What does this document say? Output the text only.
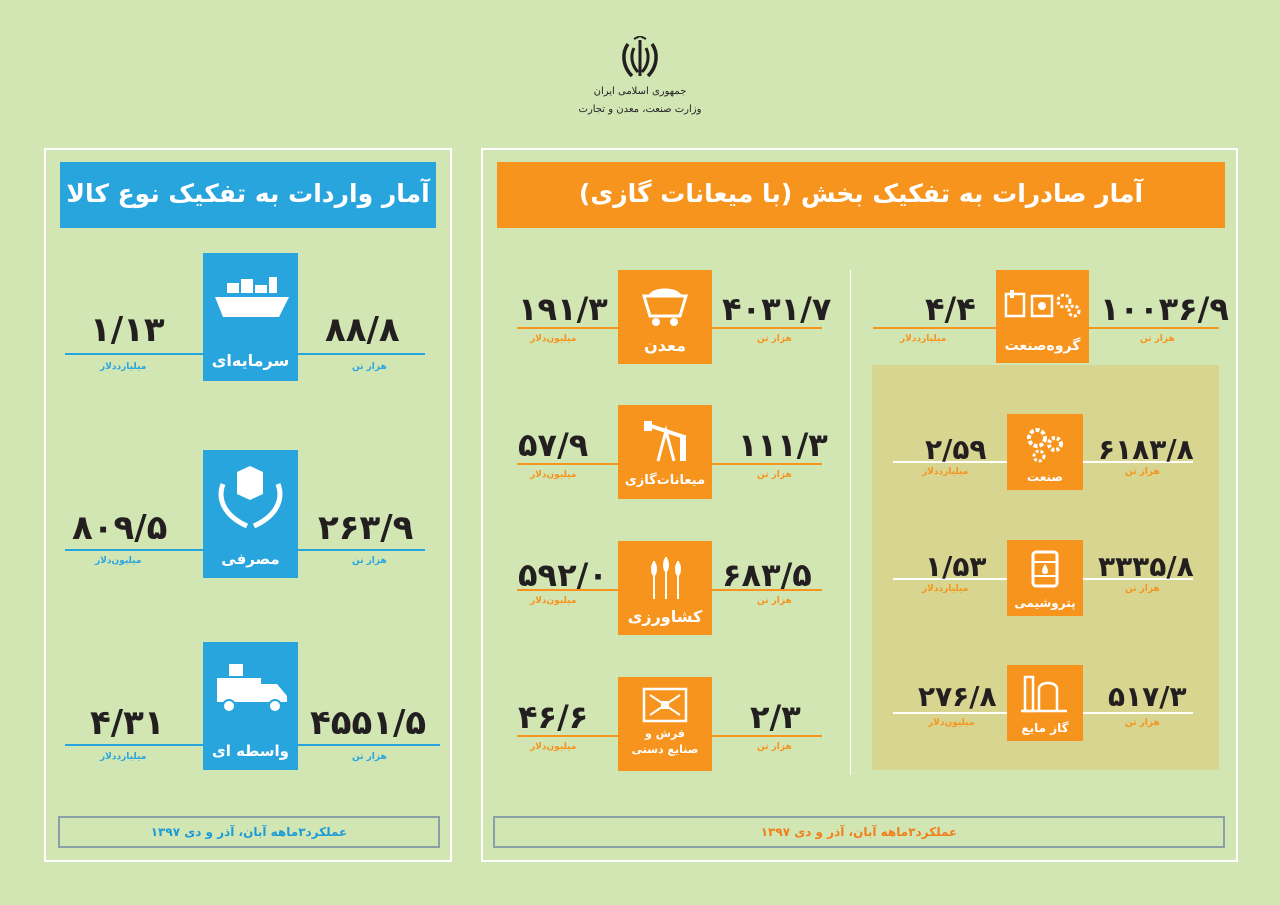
جمهوری اسلامی ایران
وزارت صنعت، معدن و تجارت
آمار صادرات به تفکیک بخش (با میعانات گازی)
آمار واردات به تفکیک نوع کالا
گروه‌صنعت
۱۰۰۳۶/۹
هزار تن
۴/۴
میلیارددلار
صنعت
۶۱۸۳/۸
هزار تن
۲/۵۹
میلیارددلار
پتروشیمی
۳۳۳۵/۸
هزار تن
۱/۵۳
میلیارددلار
گاز مایع
۵۱۷/۳
هزار تن
۲۷۶/۸
میلیون‌دلار
معدن
۴۰۳۱/۷
هزار تن
۱۹۱/۳
میلیون‌دلار
میعانات‌گازی
۱۱۱/۳
هزار تن
۵۷/۹
میلیون‌دلار
کشاورزی
۶۸۳/۵
هزار تن
۵۹۲/۰
میلیون‌دلار
فرش و
صنایع دستی
۲/۳
هزار تن
۴۶/۶
میلیون‌دلار
عملکرد۳ماهه آبان، آذر و دی ۱۳۹۷
سرمایه‌ای
۸۸/۸
هزار تن
۱/۱۳
میلیارددلار
مصرفی
۲۶۳/۹
هزار تن
۸۰۹/۵
میلیون‌دلار
واسطه ای
۴۵۵۱/۵
هزار تن
۴/۳۱
میلیارددلار
عملکرد۳ماهه آبان، آذر و دی ۱۳۹۷
